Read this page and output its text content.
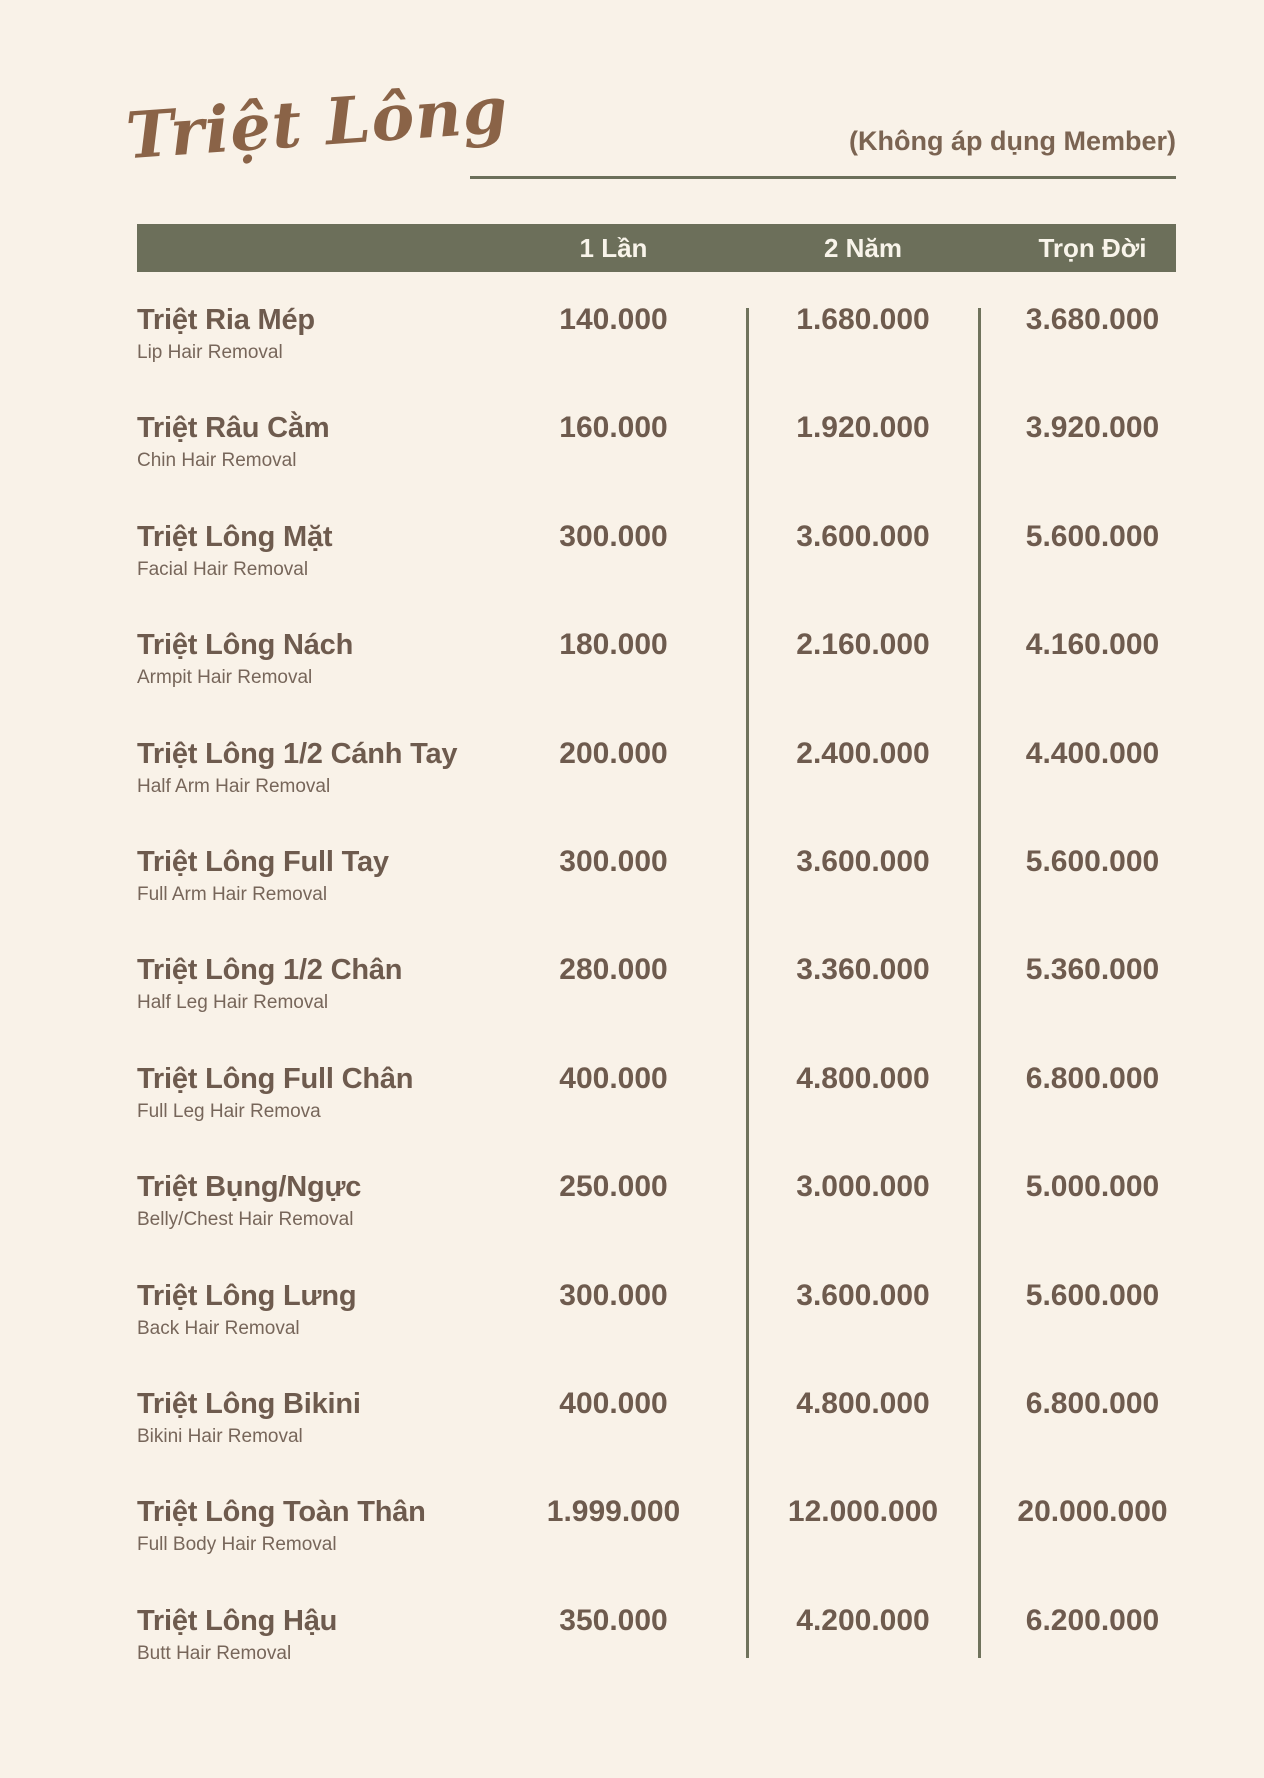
Triệt Lông	(Không áp dụng Member)
1 Lần	2 Năm	Trọn Đời
Triệt Ria Mép
Lip Hair Removal
140.000	1.680.000	3.680.000
Triệt Râu Cằm
Chin Hair Removal
160.000	1.920.000	3.920.000
Triệt Lông Mặt
Facial Hair Removal
300.000	3.600.000	5.600.000
Triệt Lông Nách
Armpit Hair Removal
180.000	2.160.000	4.160.000
Triệt Lông 1/2 Cánh Tay
Half Arm Hair Removal
200.000	2.400.000	4.400.000
Triệt Lông Full Tay
Full Arm Hair Removal
300.000	3.600.000	5.600.000
Triệt Lông 1/2 Chân
Half Leg Hair Removal
280.000	3.360.000	5.360.000
Triệt Lông Full Chân
Full Leg Hair Remova
400.000	4.800.000	6.800.000
Triệt Bụng/Ngực
Belly/Chest Hair Removal
250.000	3.000.000	5.000.000
Triệt Lông Lưng
Back Hair Removal
300.000	3.600.000	5.600.000
Triệt Lông Bikini
Bikini Hair Removal
400.000	4.800.000	6.800.000
Triệt Lông Toàn Thân
Full Body Hair Removal
1.999.000	12.000.000	20.000.000
Triệt Lông Hậu
Butt Hair Removal
350.000	4.200.000	6.200.000
